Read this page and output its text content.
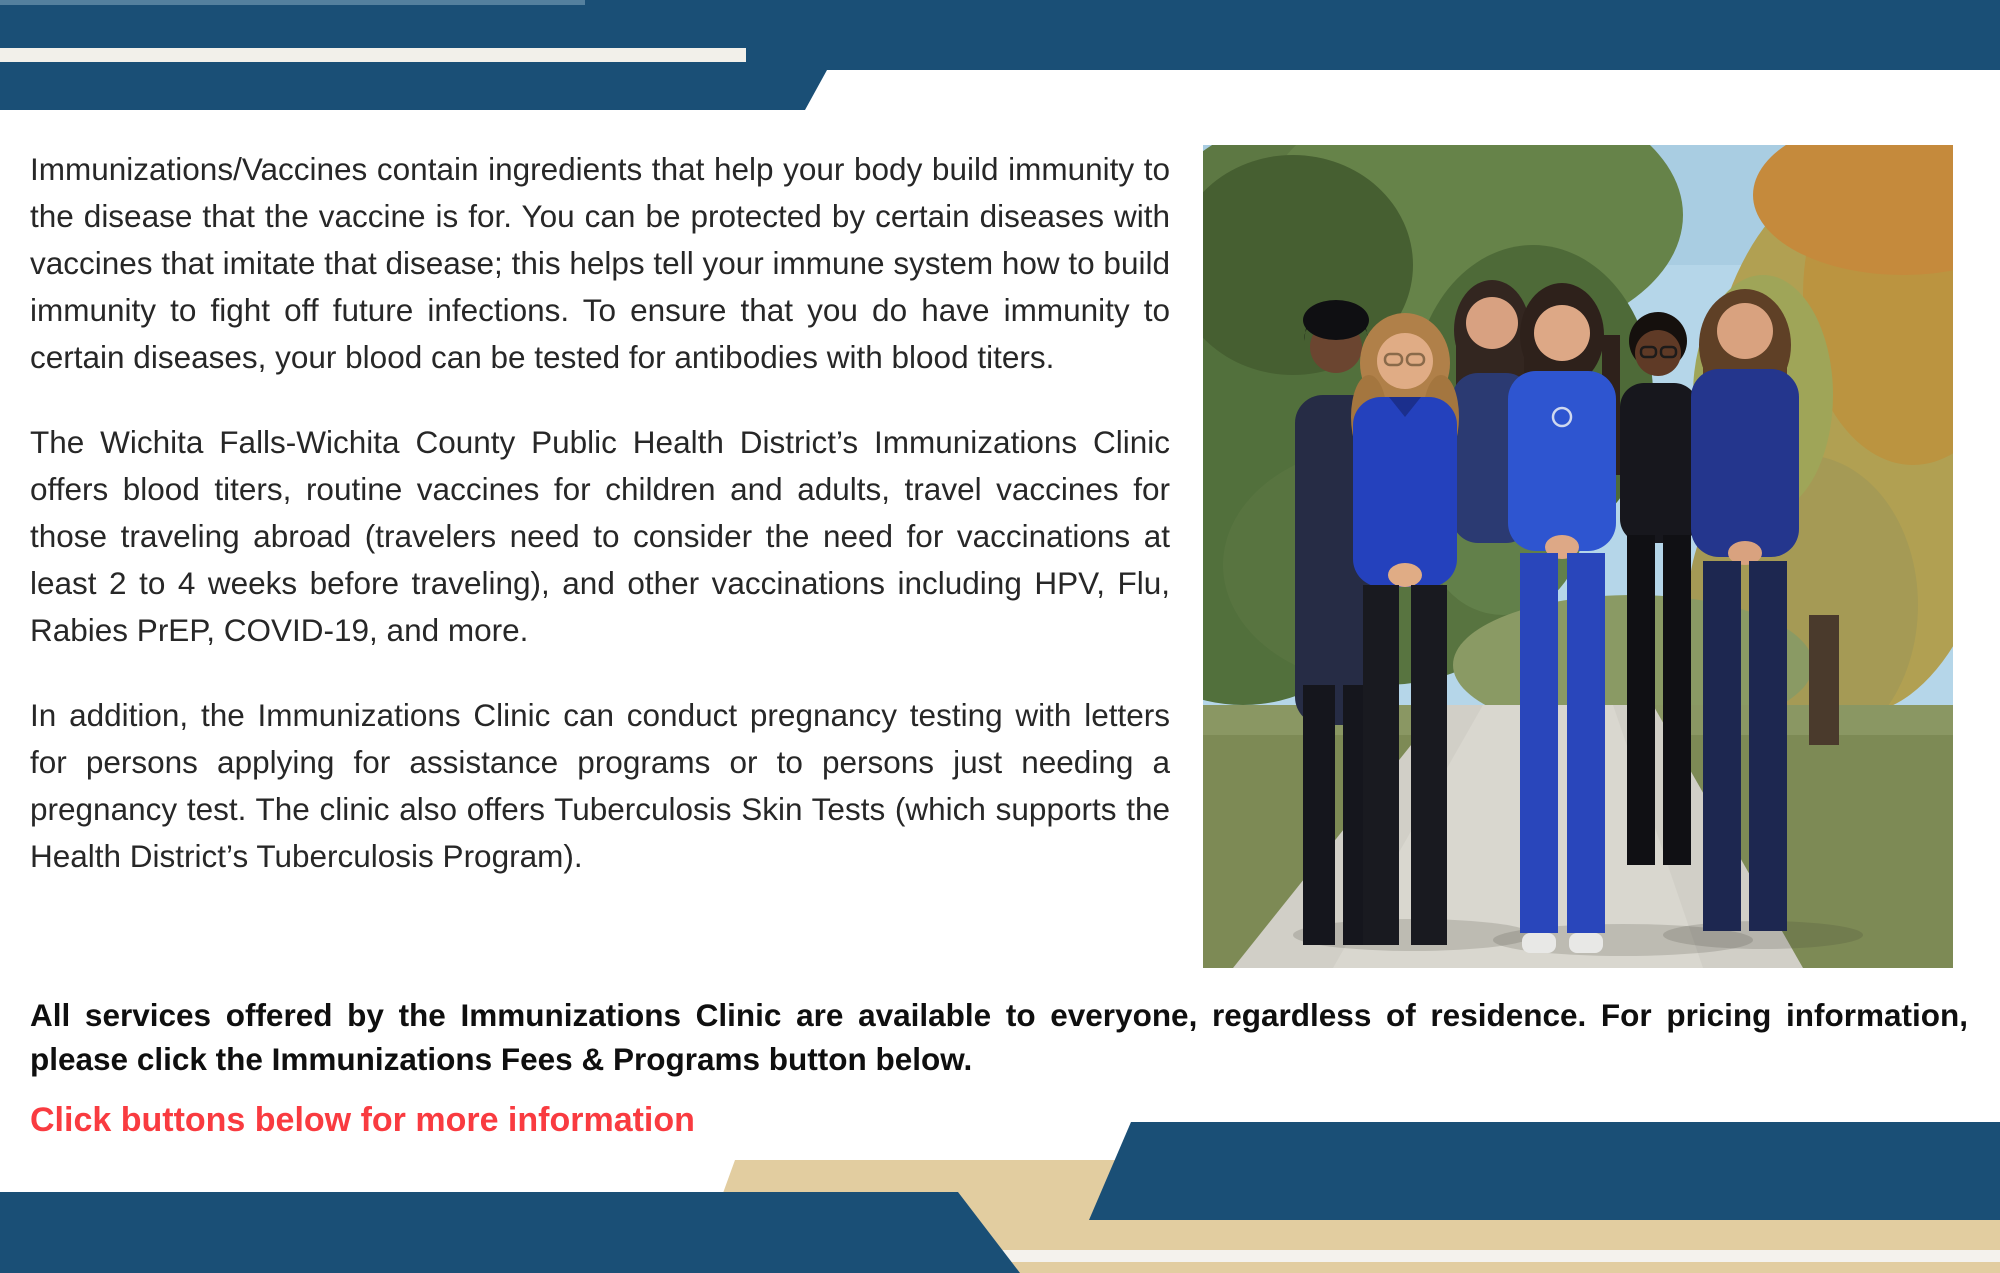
Immunizations/Vaccines contain ingredients that help your body build immunity to the disease that the vaccine is for. You can be protected by certain diseases with vaccines that imitate that disease; this helps tell your immune system how to build immunity to fight off future infections. To ensure that you do have immunity to certain diseases, your blood can be tested for antibodies with blood titers.

The Wichita Falls-Wichita County Public Health District’s Immunizations Clinic offers blood titers, routine vaccines for children and adults, travel vaccines for those traveling abroad (travelers need to consider the need for vaccinations at least 2 to 4 weeks before traveling), and other vaccinations including HPV, Flu, Rabies PrEP, COVID-19, and more.

In addition, the Immunizations Clinic can conduct pregnancy testing with letters for persons applying for assistance programs or to persons just needing a pregnancy test. The clinic also offers Tuberculosis Skin Tests (which supports the Health District’s Tuberculosis Program).

All services offered by the Immunizations Clinic are available to everyone, regardless of residence. For pricing information, please click the Immunizations Fees & Programs button below.
Click buttons below for more information
